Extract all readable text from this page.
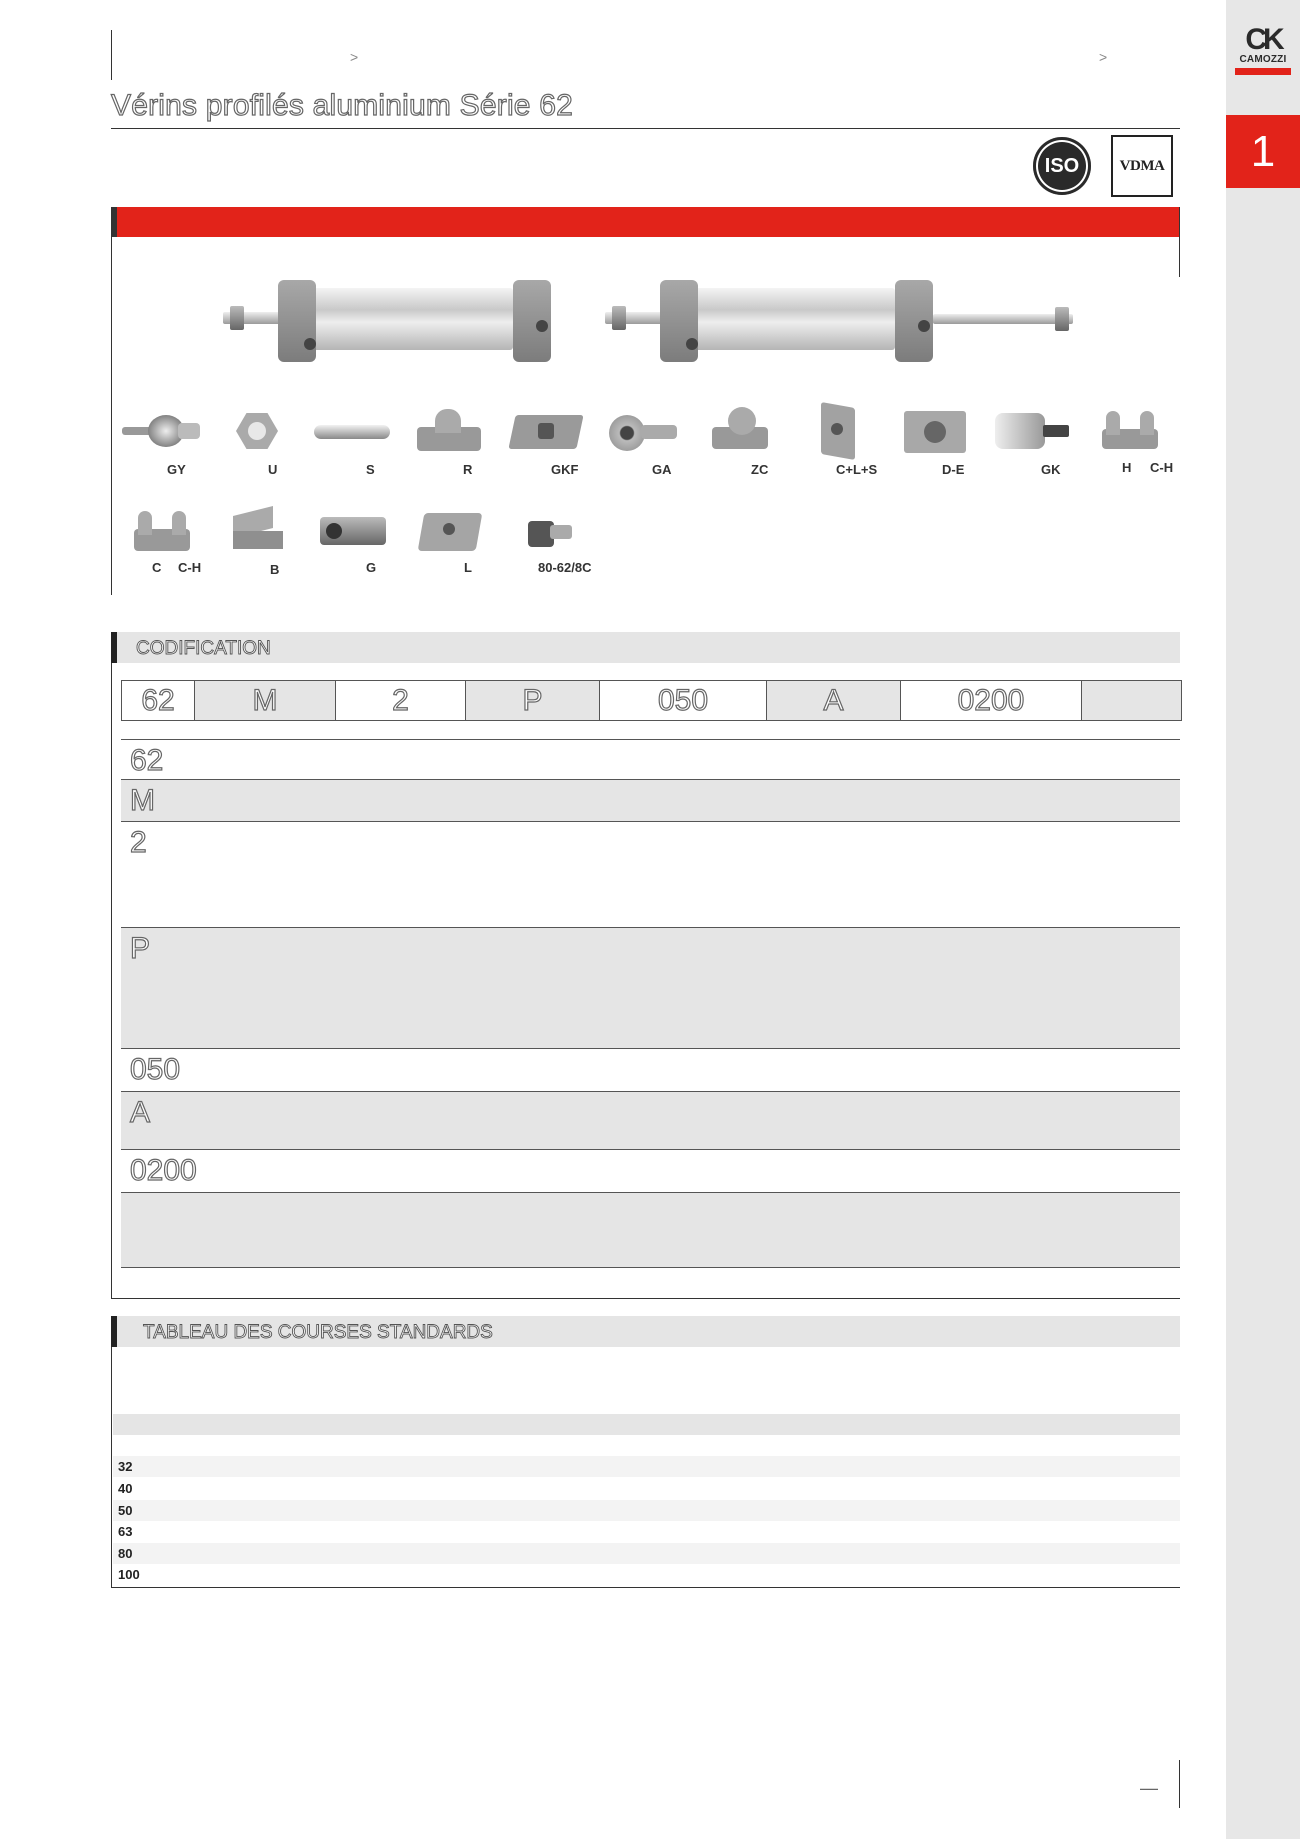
CK
CAMOZZI
1
>	>
Vérins profilés aluminium Série 62
ISO	VDMA
GY	U	S	R	GKF	GA	ZC	C+L+S	D-E	GK	H C-H
C C-H	B	G	L	80-62/8C
CODIFICATION
62	M	2	P	050	A	0200
62
M
2
P
050
A
0200
TABLEAU DES COURSES STANDARDS
32
40
50
63
80
100
—
